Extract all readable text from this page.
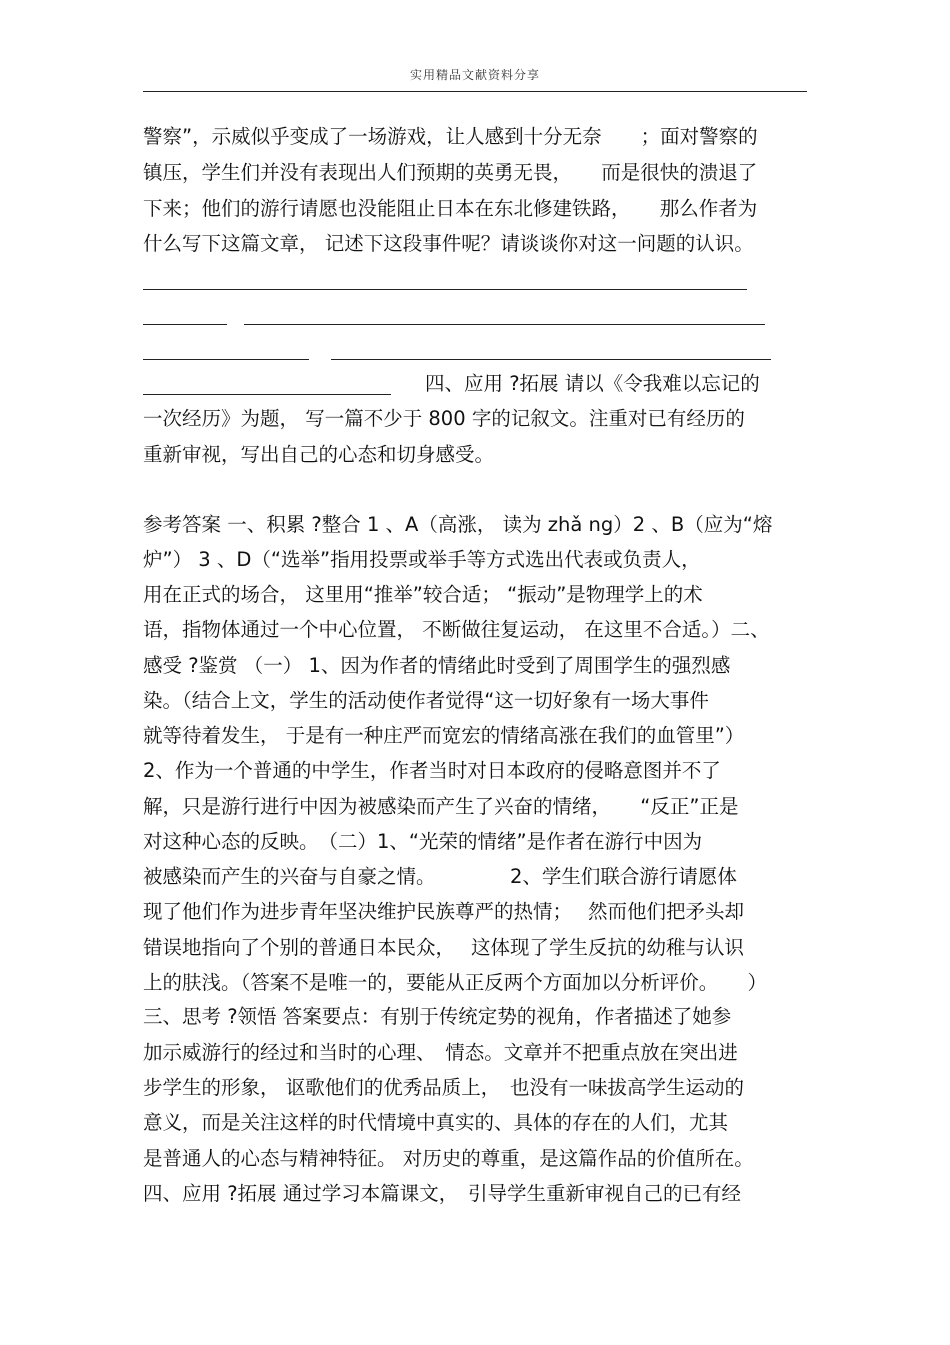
实用精品文献资料分享
警察”，示威似乎变成了一场游戏，让人感到十分无奈　　；面对警察的
镇压，学生们并没有表现出人们预期的英勇无畏，　　而是很快的溃退了
下来；他们的游行请愿也没能阻止日本在东北修建铁路，　　那么作者为
什么写下这篇文章， 记述下这段事件呢？请谈谈你对这一问题的认识。
四、应用 ?拓展 请以《令我难以忘记的
一次经历》为题， 写一篇不少于 800 字的记叙文。注重对已有经历的
重新审视，写出自己的心态和切身感受。
参考答案 一、积累 ?整合 1 、A（高涨， 读为 zhǎ ng）2 、B（应为“熔
炉”） 3 、D（“选举”指用投票或举手等方式选出代表或负责人，
用在正式的场合， 这里用“推举”较合适； “振动”是物理学上的术
语，指物体通过一个中心位置， 不断做往复运动， 在这里不合适。）二、
感受 ?鉴赏 （一） 1、因为作者的情绪此时受到了周围学生的强烈感
染。（结合上文，学生的活动使作者觉得“这一切好象有一场大事件
就等待着发生， 于是有一种庄严而宽宏的情绪高涨在我们的血管里”）
2、作为一个普通的中学生，作者当时对日本政府的侵略意图并不了
解，只是游行进行中因为被感染而产生了兴奋的情绪，　　“反正”正是
对这种心态的反映。　（二）1、“光荣的情绪”是作者在游行中因为
被感染而产生的兴奋与自豪之情。　　　　 2、学生们联合游行请愿体
现了他们作为进步青年坚决维护民族尊严的热情；　 然而他们把矛头却
错误地指向了个别的普通日本民众，　 这体现了学生反抗的幼稚与认识
上的肤浅。（答案不是唯一的，要能从正反两个方面加以分析评价。　　）
三、思考 ?领悟 答案要点：有别于传统定势的视角，作者描述了她参
加示威游行的经过和当时的心理、　情态。文章并不把重点放在突出进
步学生的形象， 讴歌他们的优秀品质上，　也没有一味拔高学生运动的
意义，而是关注这样的时代情境中真实的、具体的存在的人们，尤其
是普通人的心态与精神特征。 对历史的尊重，是这篇作品的价值所在。
四、应用 ?拓展 通过学习本篇课文，　引导学生重新审视自己的已有经
